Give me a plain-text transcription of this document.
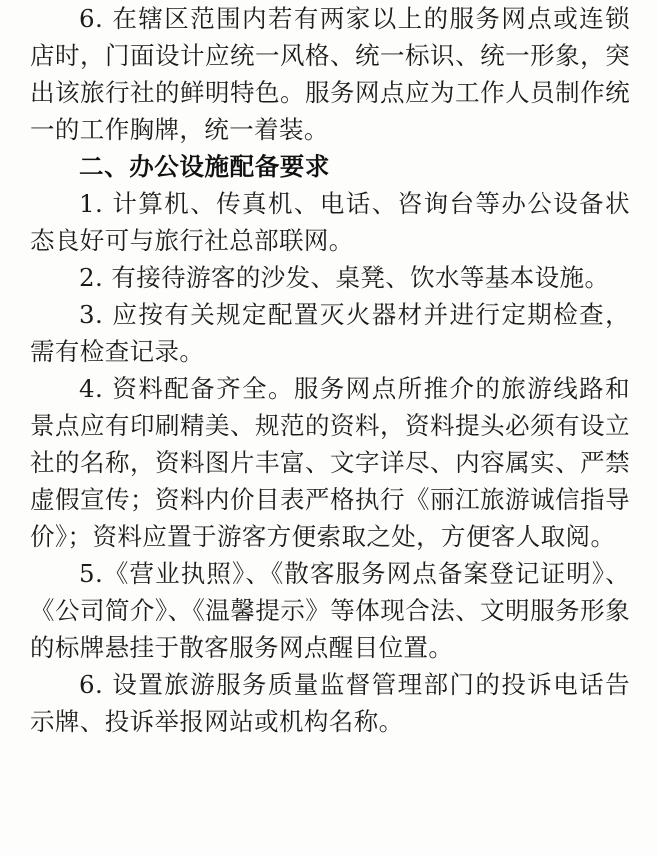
6. 在辖区范围内若有两家以上的服务网点或连锁店时，门面设计应统一风格、统一标识、统一形象，突出该旅行社的鲜明特色。服务网点应为工作人员制作统一的工作胸牌，统一着装。

二、办公设施配备要求

1. 计算机、传真机、电话、咨询台等办公设备状态良好可与旅行社总部联网。

2. 有接待游客的沙发、桌凳、饮水等基本设施。

3. 应按有关规定配置灭火器材并进行定期检查，需有检查记录。

4. 资料配备齐全。服务网点所推介的旅游线路和景点应有印刷精美、规范的资料，资料提头必须有设立社的名称，资料图片丰富、文字详尽、内容属实、严禁虚假宣传；资料内价目表严格执行《丽江旅游诚信指导价》；资料应置于游客方便索取之处，方便客人取阅。

5.《营业执照》、《散客服务网点备案登记证明》、《公司简介》、《温馨提示》等体现合法、文明服务形象的标牌悬挂于散客服务网点醒目位置。

6. 设置旅游服务质量监督管理部门的投诉电话告示牌、投诉举报网站或机构名称。
